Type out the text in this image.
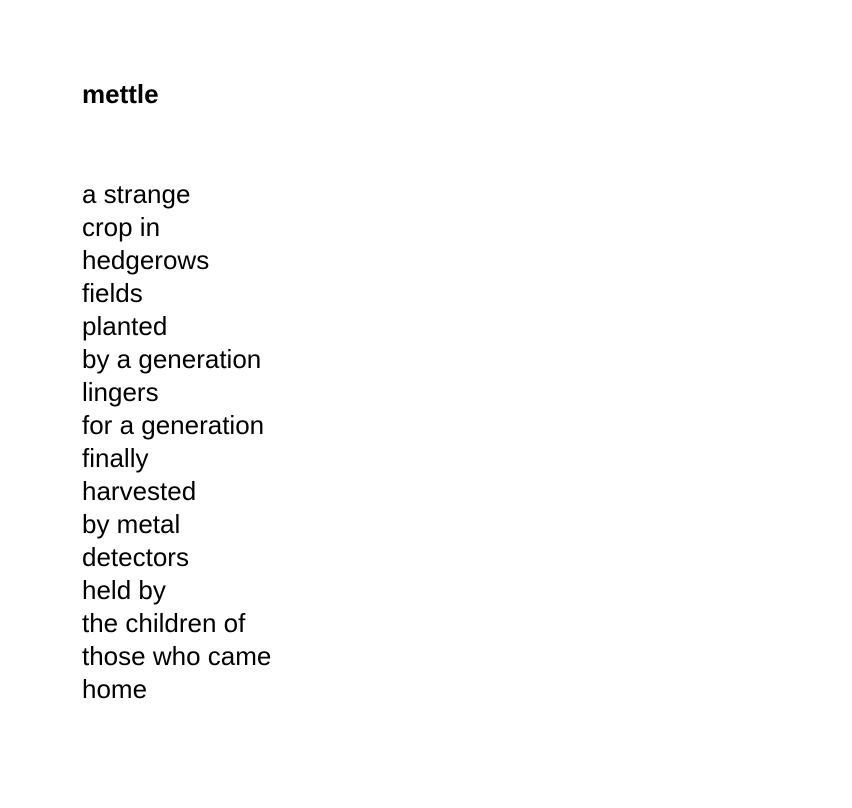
mettle

a strange

crop in

hedgerows

fields

planted

by a generation

lingers

for a generation

finally

harvested

by metal

detectors

held by

the children of

those who came

home
